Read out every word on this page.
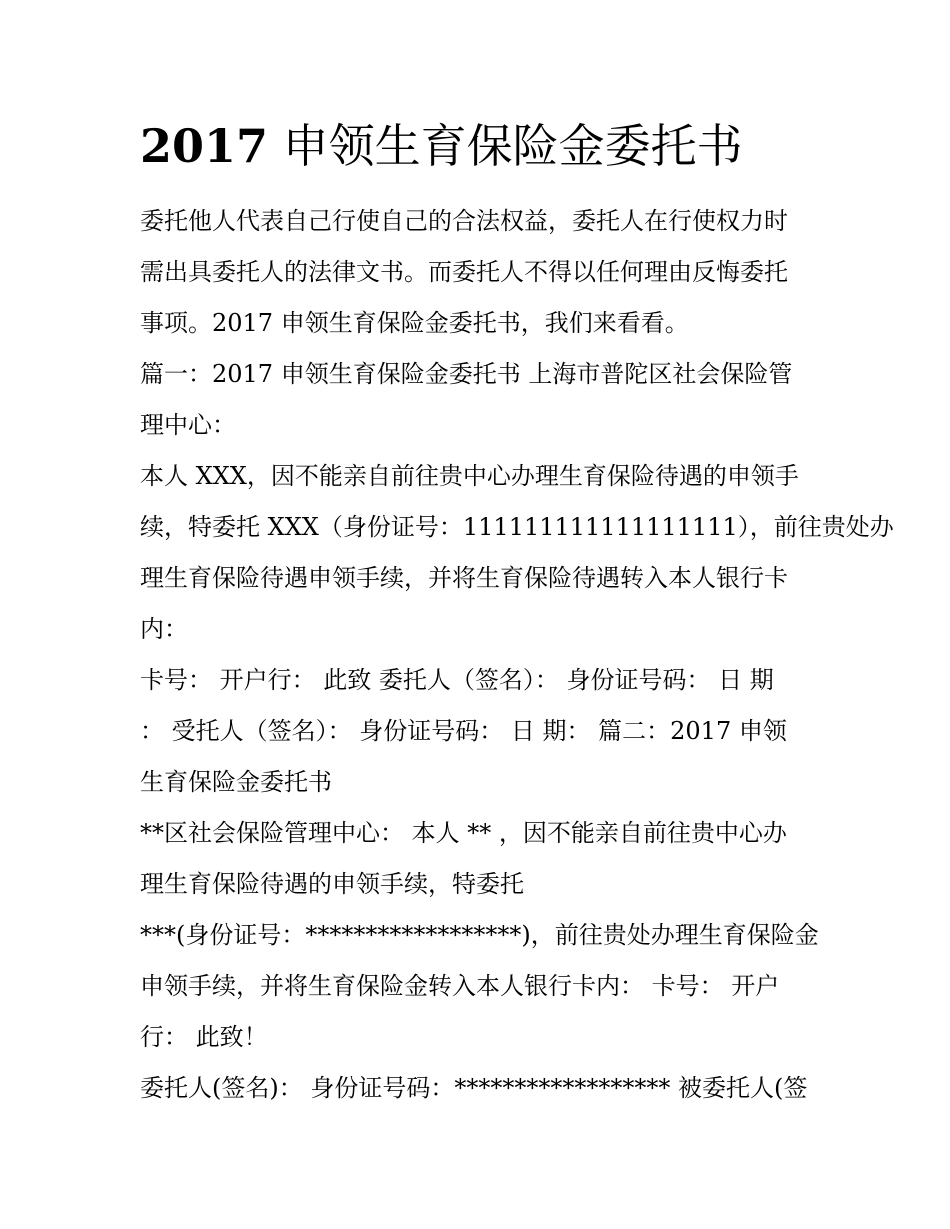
2017 申领生育保险金委托书
委托他人代表自己行使自己的合法权益，委托人在行使权力时
需出具委托人的法律文书。而委托人不得以任何理由反悔委托
事项。2017 申领生育保险金委托书，我们来看看。
篇一：2017 申领生育保险金委托书 上海市普陀区社会保险管
理中心：
本人 XXX，因不能亲自前往贵中心办理生育保险待遇的申领手
续，特委托 XXX（身份证号：111111111111111111），前往贵处办
理生育保险待遇申领手续，并将生育保险待遇转入本人银行卡
内：
卡号： 开户行： 此致 委托人（签名）： 身份证号码： 日 期
： 受托人（签名）： 身份证号码： 日 期： 篇二：2017 申领
生育保险金委托书
**区社会保险管理中心： 本人 ** ，因不能亲自前往贵中心办
理生育保险待遇的申领手续，特委托
***(身份证号：******************)，前往贵处办理生育保险金
申领手续，并将生育保险金转入本人银行卡内： 卡号： 开户
行： 此致！
委托人(签名)： 身份证号码：****************** 被委托人(签
